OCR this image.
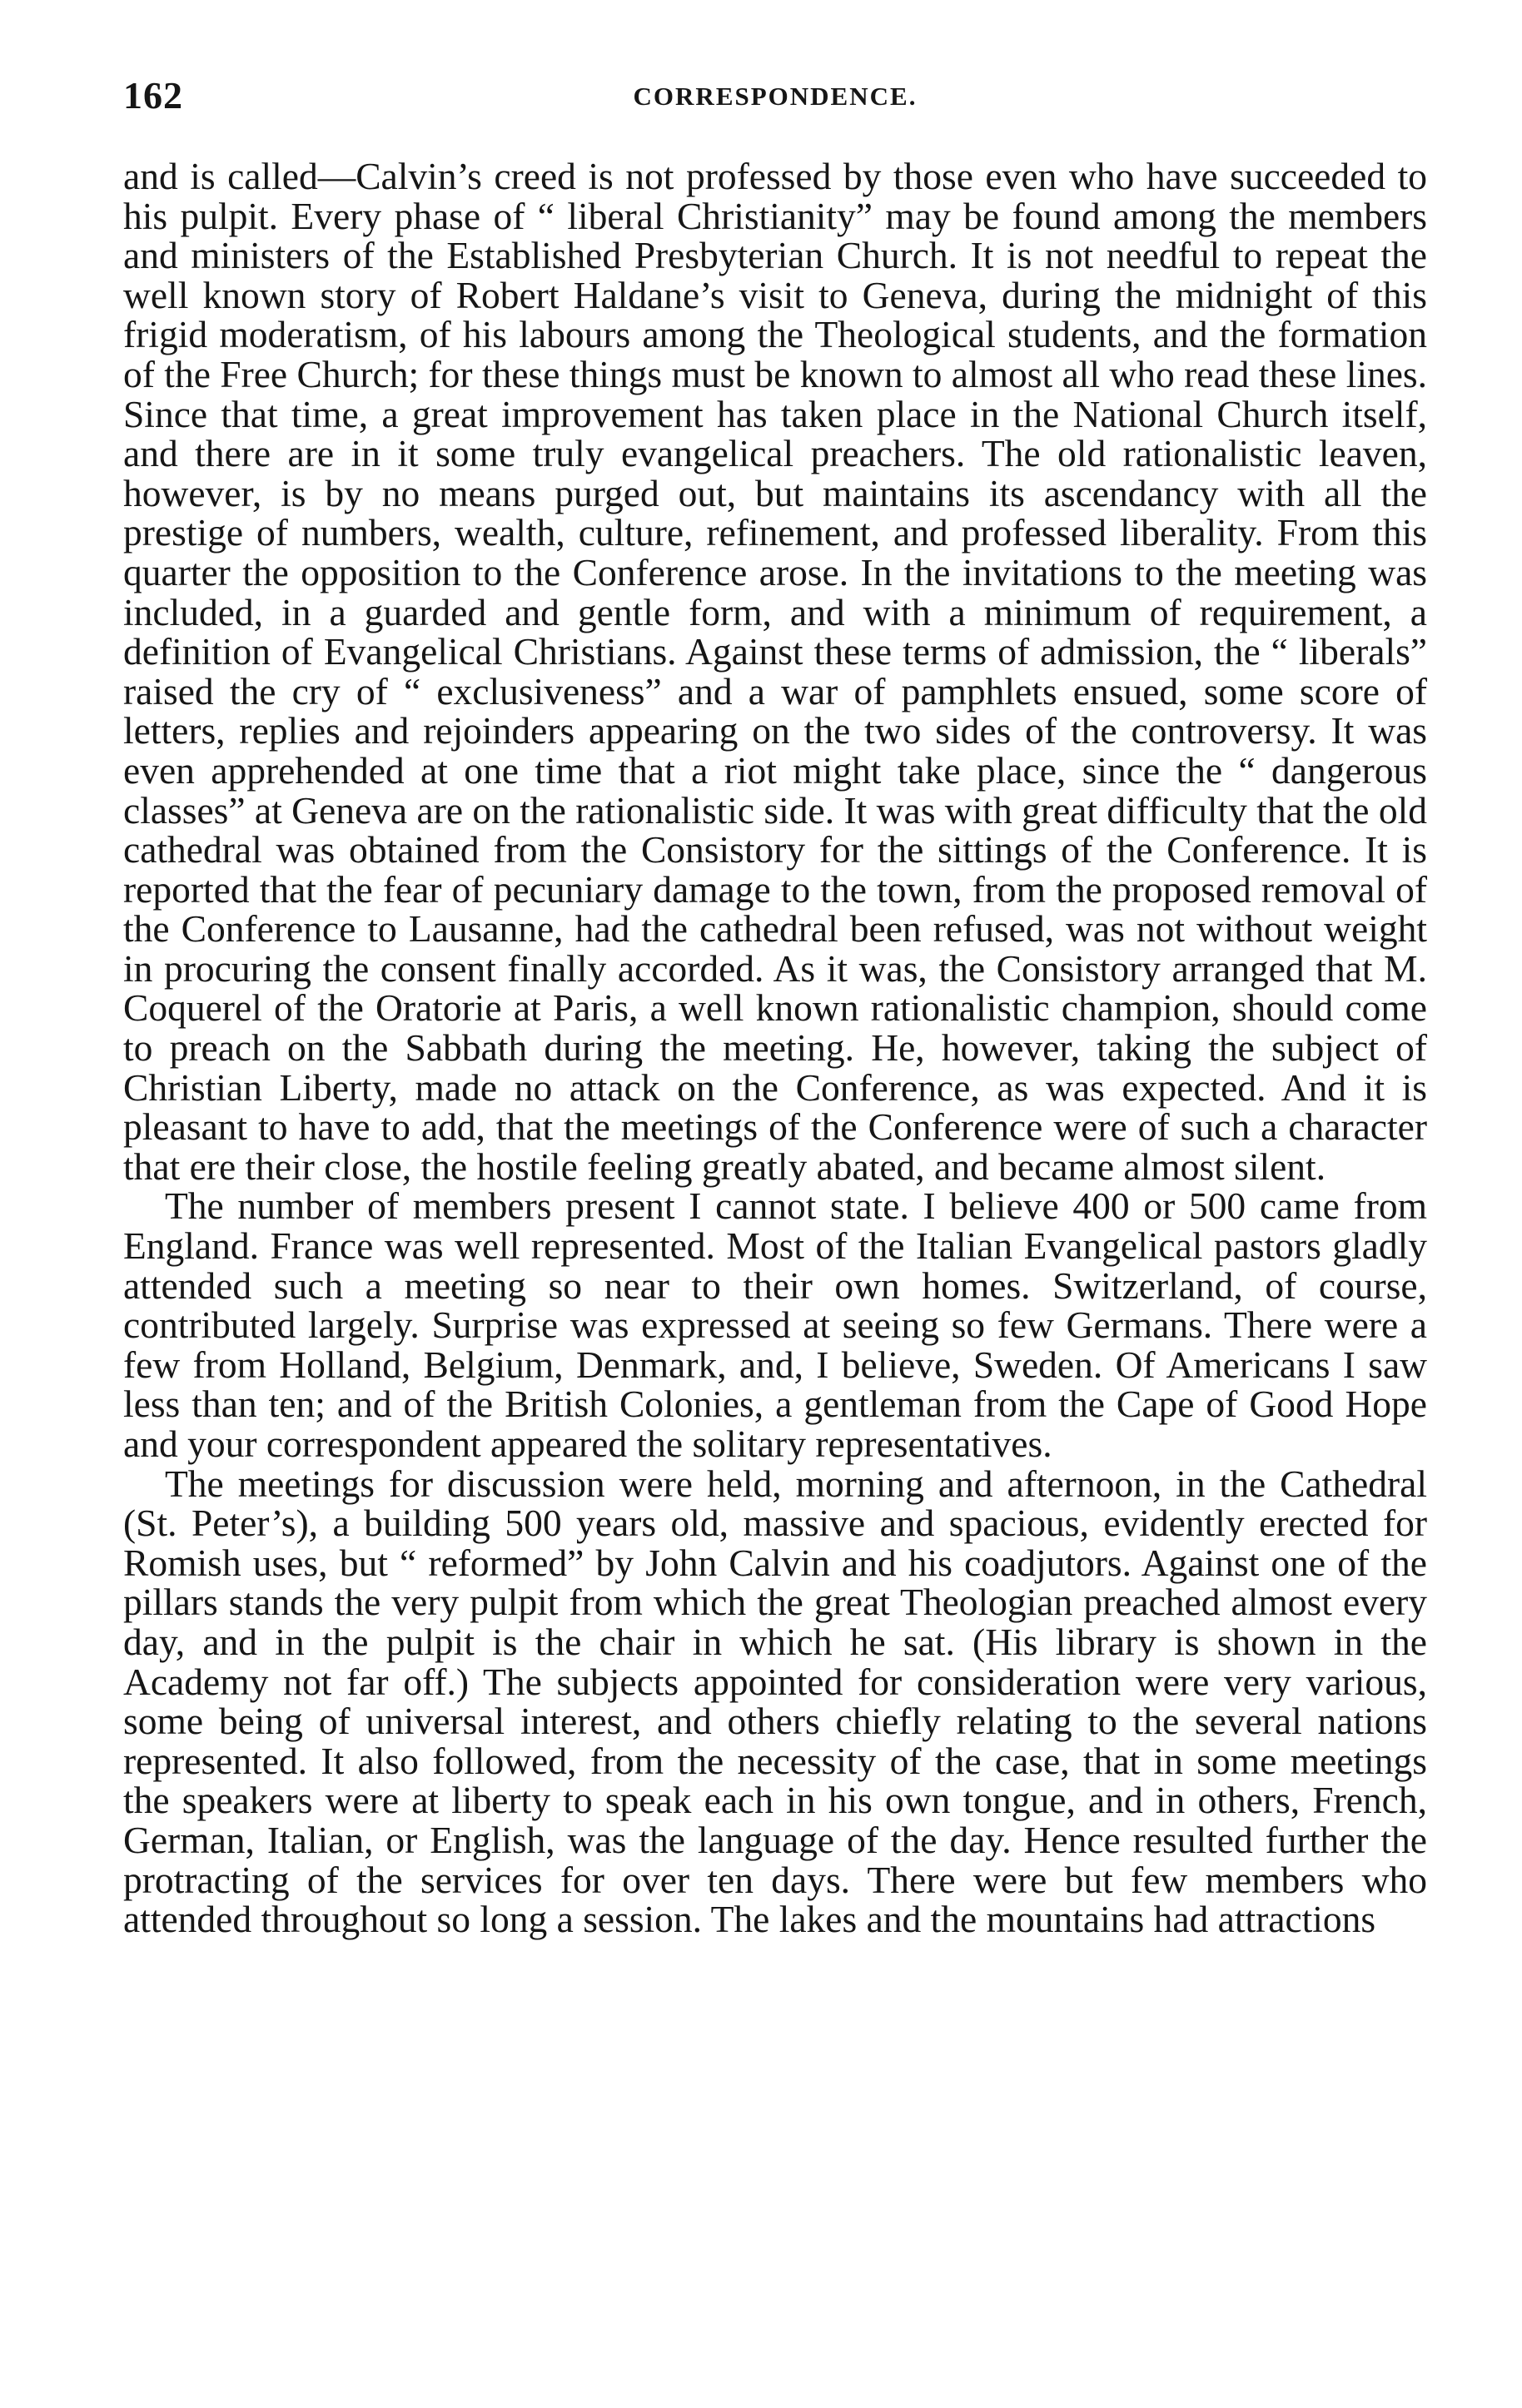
162	CORRESPONDENCE.

and is called—Calvin’s creed is not professed by those even who have succeeded to his pulpit. Every phase of “ liberal Christianity” may be found among the members and ministers of the Established Presbyterian Church. It is not needful to repeat the well known story of Robert Haldane’s visit to Geneva, during the midnight of this frigid moderatism, of his labours among the Theological students, and the formation of the Free Church; for these things must be known to almost all who read these lines. Since that time, a great improvement has taken place in the National Church itself, and there are in it some truly evangelical preachers. The old rationalistic leaven, however, is by no means purged out, but maintains its ascendancy with all the prestige of numbers, wealth, culture, refinement, and professed liberality. From this quarter the opposition to the Conference arose. In the invitations to the meeting was included, in a guarded and gentle form, and with a minimum of requirement, a definition of Evangelical Christians. Against these terms of admission, the “ liberals” raised the cry of “ exclusiveness” and a war of pamphlets ensued, some score of letters, replies and rejoinders appearing on the two sides of the controversy. It was even apprehended at one time that a riot might take place, since the “ dangerous classes” at Geneva are on the rationalistic side. It was with great difficulty that the old cathedral was obtained from the Consistory for the sittings of the Conference. It is reported that the fear of pecuniary damage to the town, from the proposed removal of the Conference to Lausanne, had the cathedral been refused, was not without weight in procuring the consent finally accorded. As it was, the Consistory arranged that M. Coquerel of the Oratorie at Paris, a well known rationalistic champion, should come to preach on the Sabbath during the meeting. He, however, taking the subject of Christian Liberty, made no attack on the Conference, as was expected. And it is pleasant to have to add, that the meetings of the Conference were of such a character that ere their close, the hostile feeling greatly abated, and became almost silent.

The number of members present I cannot state. I believe 400 or 500 came from England. France was well represented. Most of the Italian Evangelical pastors gladly attended such a meeting so near to their own homes. Switzerland, of course, contributed largely. Surprise was expressed at seeing so few Germans. There were a few from Holland, Belgium, Denmark, and, I believe, Sweden. Of Americans I saw less than ten; and of the British Colonies, a gentleman from the Cape of Good Hope and your correspondent appeared the solitary representatives.

The meetings for discussion were held, morning and afternoon, in the Cathedral (St. Peter’s), a building 500 years old, massive and spacious, evidently erected for Romish uses, but “ reformed” by John Calvin and his coadjutors. Against one of the pillars stands the very pulpit from which the great Theologian preached almost every day, and in the pulpit is the chair in which he sat. (His library is shown in the Academy not far off.) The subjects appointed for consideration were very various, some being of universal interest, and others chiefly relating to the several nations represented. It also followed, from the necessity of the case, that in some meetings the speakers were at liberty to speak each in his own tongue, and in others, French, German, Italian, or English, was the language of the day. Hence resulted further the protracting of the services for over ten days. There were but few members who attended throughout so long a session. The lakes and the mountains had attractions
